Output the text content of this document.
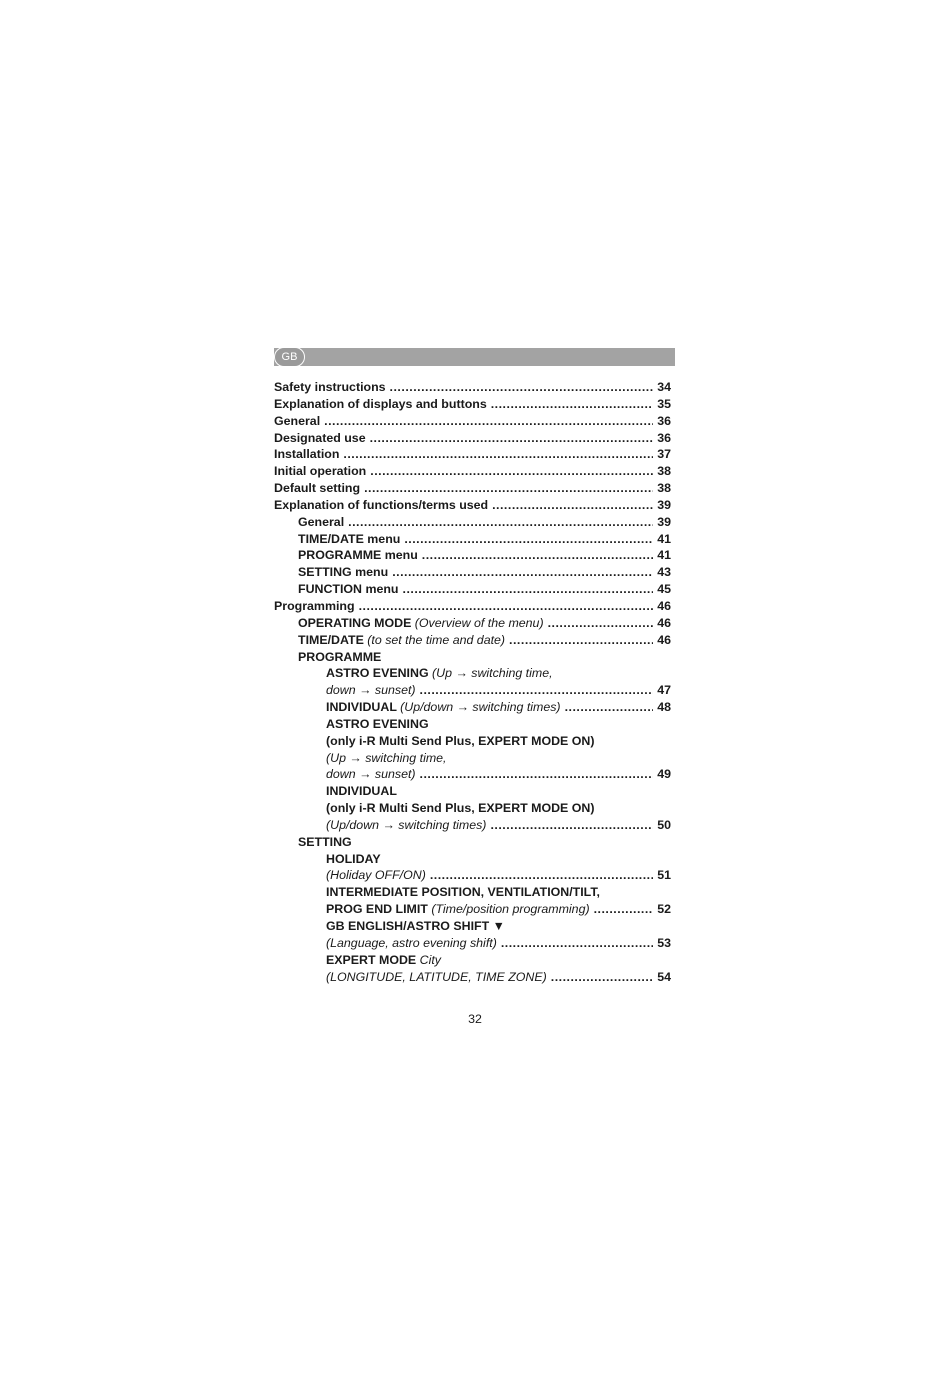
GB
Safety instructions .....	34
Explanation of displays and buttons .....	35
General .....	36
Designated use .....	36
Installation .....	37
Initial operation .....	38
Default setting .....	38
Explanation of functions/terms used .....	39
General .....	39
TIME/DATE menu .....	41
PROGRAMME menu .....	41
SETTING menu .....	43
FUNCTION menu .....	45
Programming .....	46
OPERATING MODE (Overview of the menu) .....	46
TIME/DATE (to set the time and date) .....	46
PROGRAMME
ASTRO EVENING (Up → switching time,
down → sunset) .....	47
INDIVIDUAL (Up/down → switching times) .....	48
ASTRO EVENING
(only i-R Multi Send Plus, EXPERT MODE ON)
(Up → switching time,
down → sunset) .....	49
INDIVIDUAL
(only i-R Multi Send Plus, EXPERT MODE ON)
(Up/down → switching times) .....	50
SETTING
HOLIDAY
(Holiday OFF/ON) .....	51
INTERMEDIATE POSITION, VENTILATION/TILT,
PROG END LIMIT (Time/position programming) .....	52
GB ENGLISH/ASTRO SHIFT ▼
(Language, astro evening shift) .....	53
EXPERT MODE City
(LONGITUDE, LATITUDE, TIME ZONE) .....	54
32
